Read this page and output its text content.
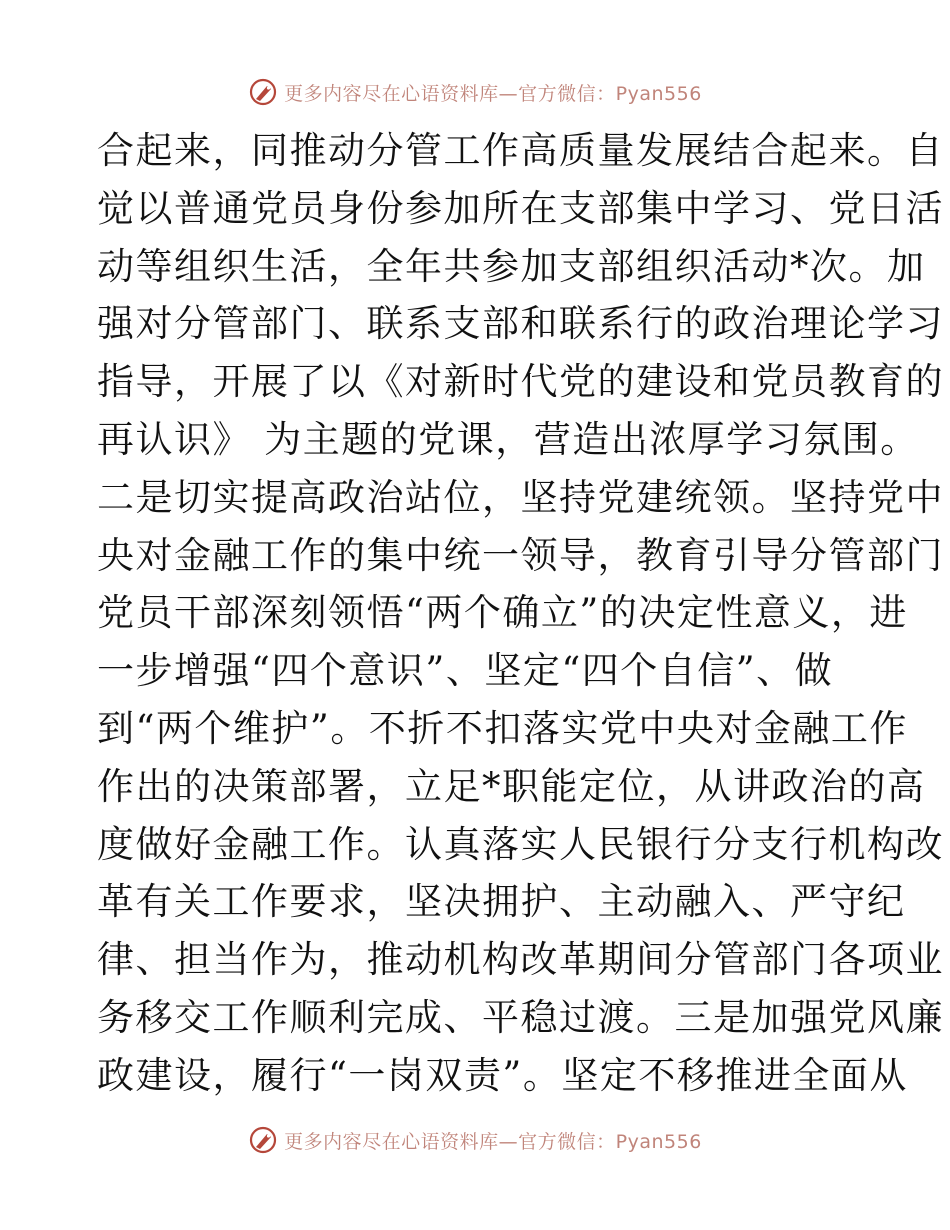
更多内容尽在心语资料库—官方微信：Pyan556
合起来，同推动分管工作高质量发展结合起来。自
觉以普通党员身份参加所在支部集中学习、党日活
动等组织生活，全年共参加支部组织活动*次。加
强对分管部门、联系支部和联系行的政治理论学习
指导，开展了以《对新时代党的建设和党员教育的
再认识》 为主题的党课，营造出浓厚学习氛围。
二是切实提高政治站位，坚持党建统领。坚持党中
央对金融工作的集中统一领导，教育引导分管部门
党员干部深刻领悟“两个确立”的决定性意义，进
一步增强“四个意识”、坚定“四个自信”、做
到“两个维护”。不折不扣落实党中央对金融工作
作出的决策部署，立足*职能定位，从讲政治的高
度做好金融工作。认真落实人民银行分支行机构改
革有关工作要求，坚决拥护、主动融入、严守纪
律、担当作为，推动机构改革期间分管部门各项业
务移交工作顺利完成、平稳过渡。三是加强党风廉
政建设，履行“一岗双责”。坚定不移推进全面从
更多内容尽在心语资料库—官方微信：Pyan556
